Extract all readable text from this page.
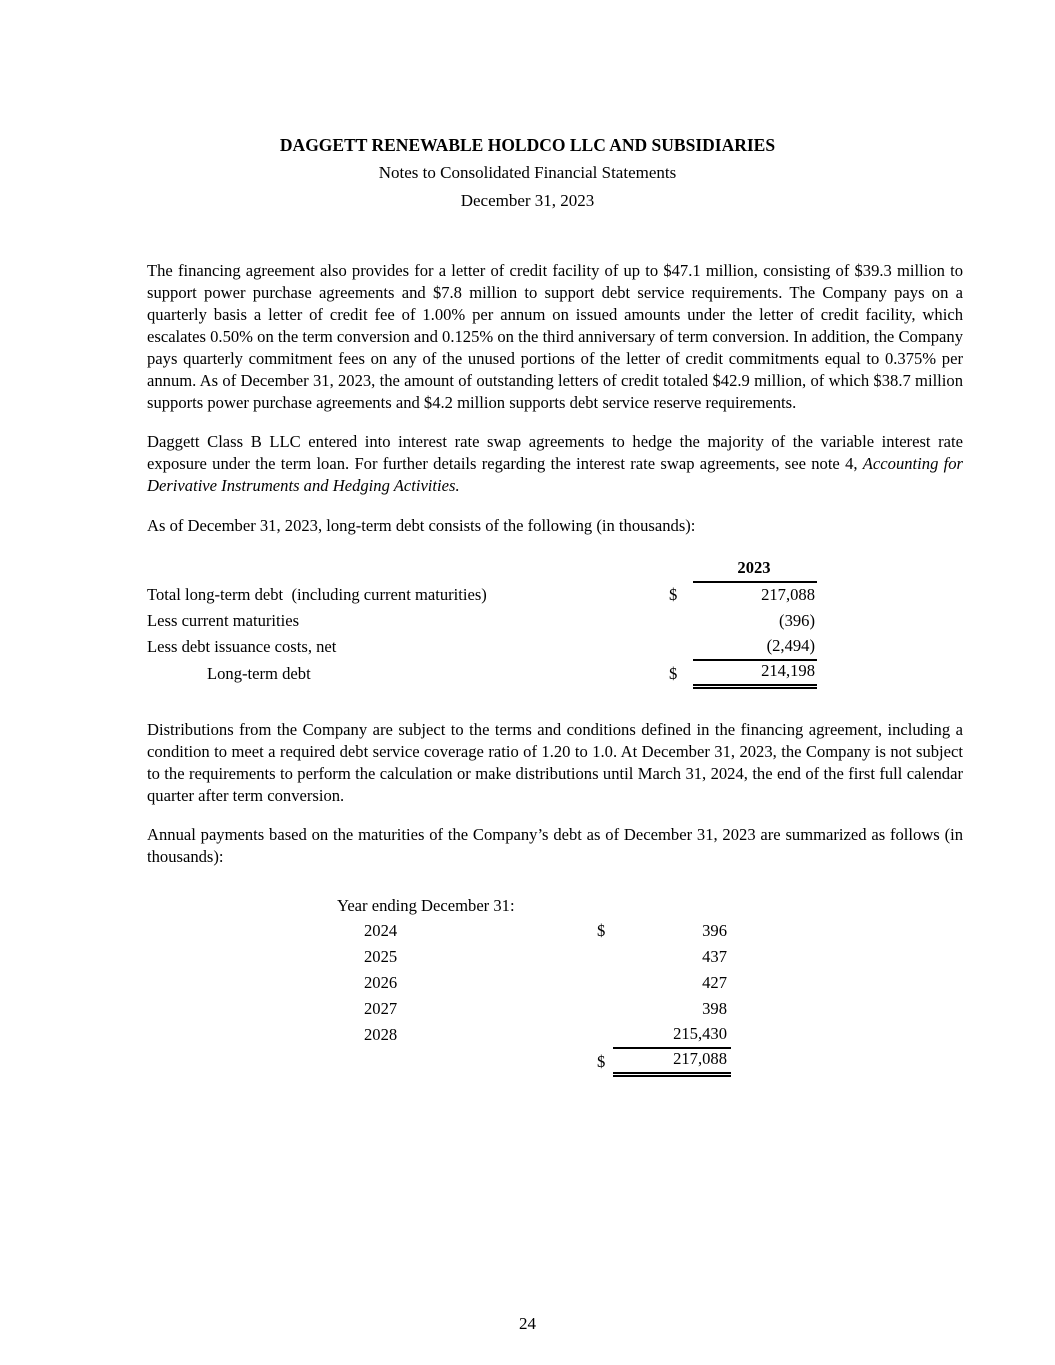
DAGGETT RENEWABLE HOLDCO LLC AND SUBSIDIARIES
Notes to Consolidated Financial Statements
December 31, 2023

The financing agreement also provides for a letter of credit facility of up to $47.1 million, consisting of $39.3 million to support power purchase agreements and $7.8 million to support debt service requirements. The Company pays on a quarterly basis a letter of credit fee of 1.00% per annum on issued amounts under the letter of credit facility, which escalates 0.50% on the term conversion and 0.125% on the third anniversary of term conversion. In addition, the Company pays quarterly commitment fees on any of the unused portions of the letter of credit commitments equal to 0.375% per annum. As of December 31, 2023, the amount of outstanding letters of credit totaled $42.9 million, of which $38.7 million supports power purchase agreements and $4.2 million supports debt service reserve requirements.

Daggett Class B LLC entered into interest rate swap agreements to hedge the majority of the variable interest rate exposure under the term loan. For further details regarding the interest rate swap agreements, see note 4, Accounting for Derivative Instruments and Hedging Activities.

As of December 31, 2023, long-term debt consists of the following (in thousands):

		2023
Total long-term debt  (including current maturities)	$	217,088
Less current maturities		(396)
Less debt issuance costs, net		(2,494)
Long-term debt	$	214,198

Distributions from the Company are subject to the terms and conditions defined in the financing agreement, including a condition to meet a required debt service coverage ratio of 1.20 to 1.0. At December 31, 2023, the Company is not subject to the requirements to perform the calculation or make distributions until March 31, 2024, the end of the first full calendar quarter after term conversion.

Annual payments based on the maturities of the Company’s debt as of December 31, 2023 are summarized as follows (in thousands):

Year ending December 31:
2024	$	396
2025		437
2026		427
2027		398
2028		215,430
	$	217,088
24
